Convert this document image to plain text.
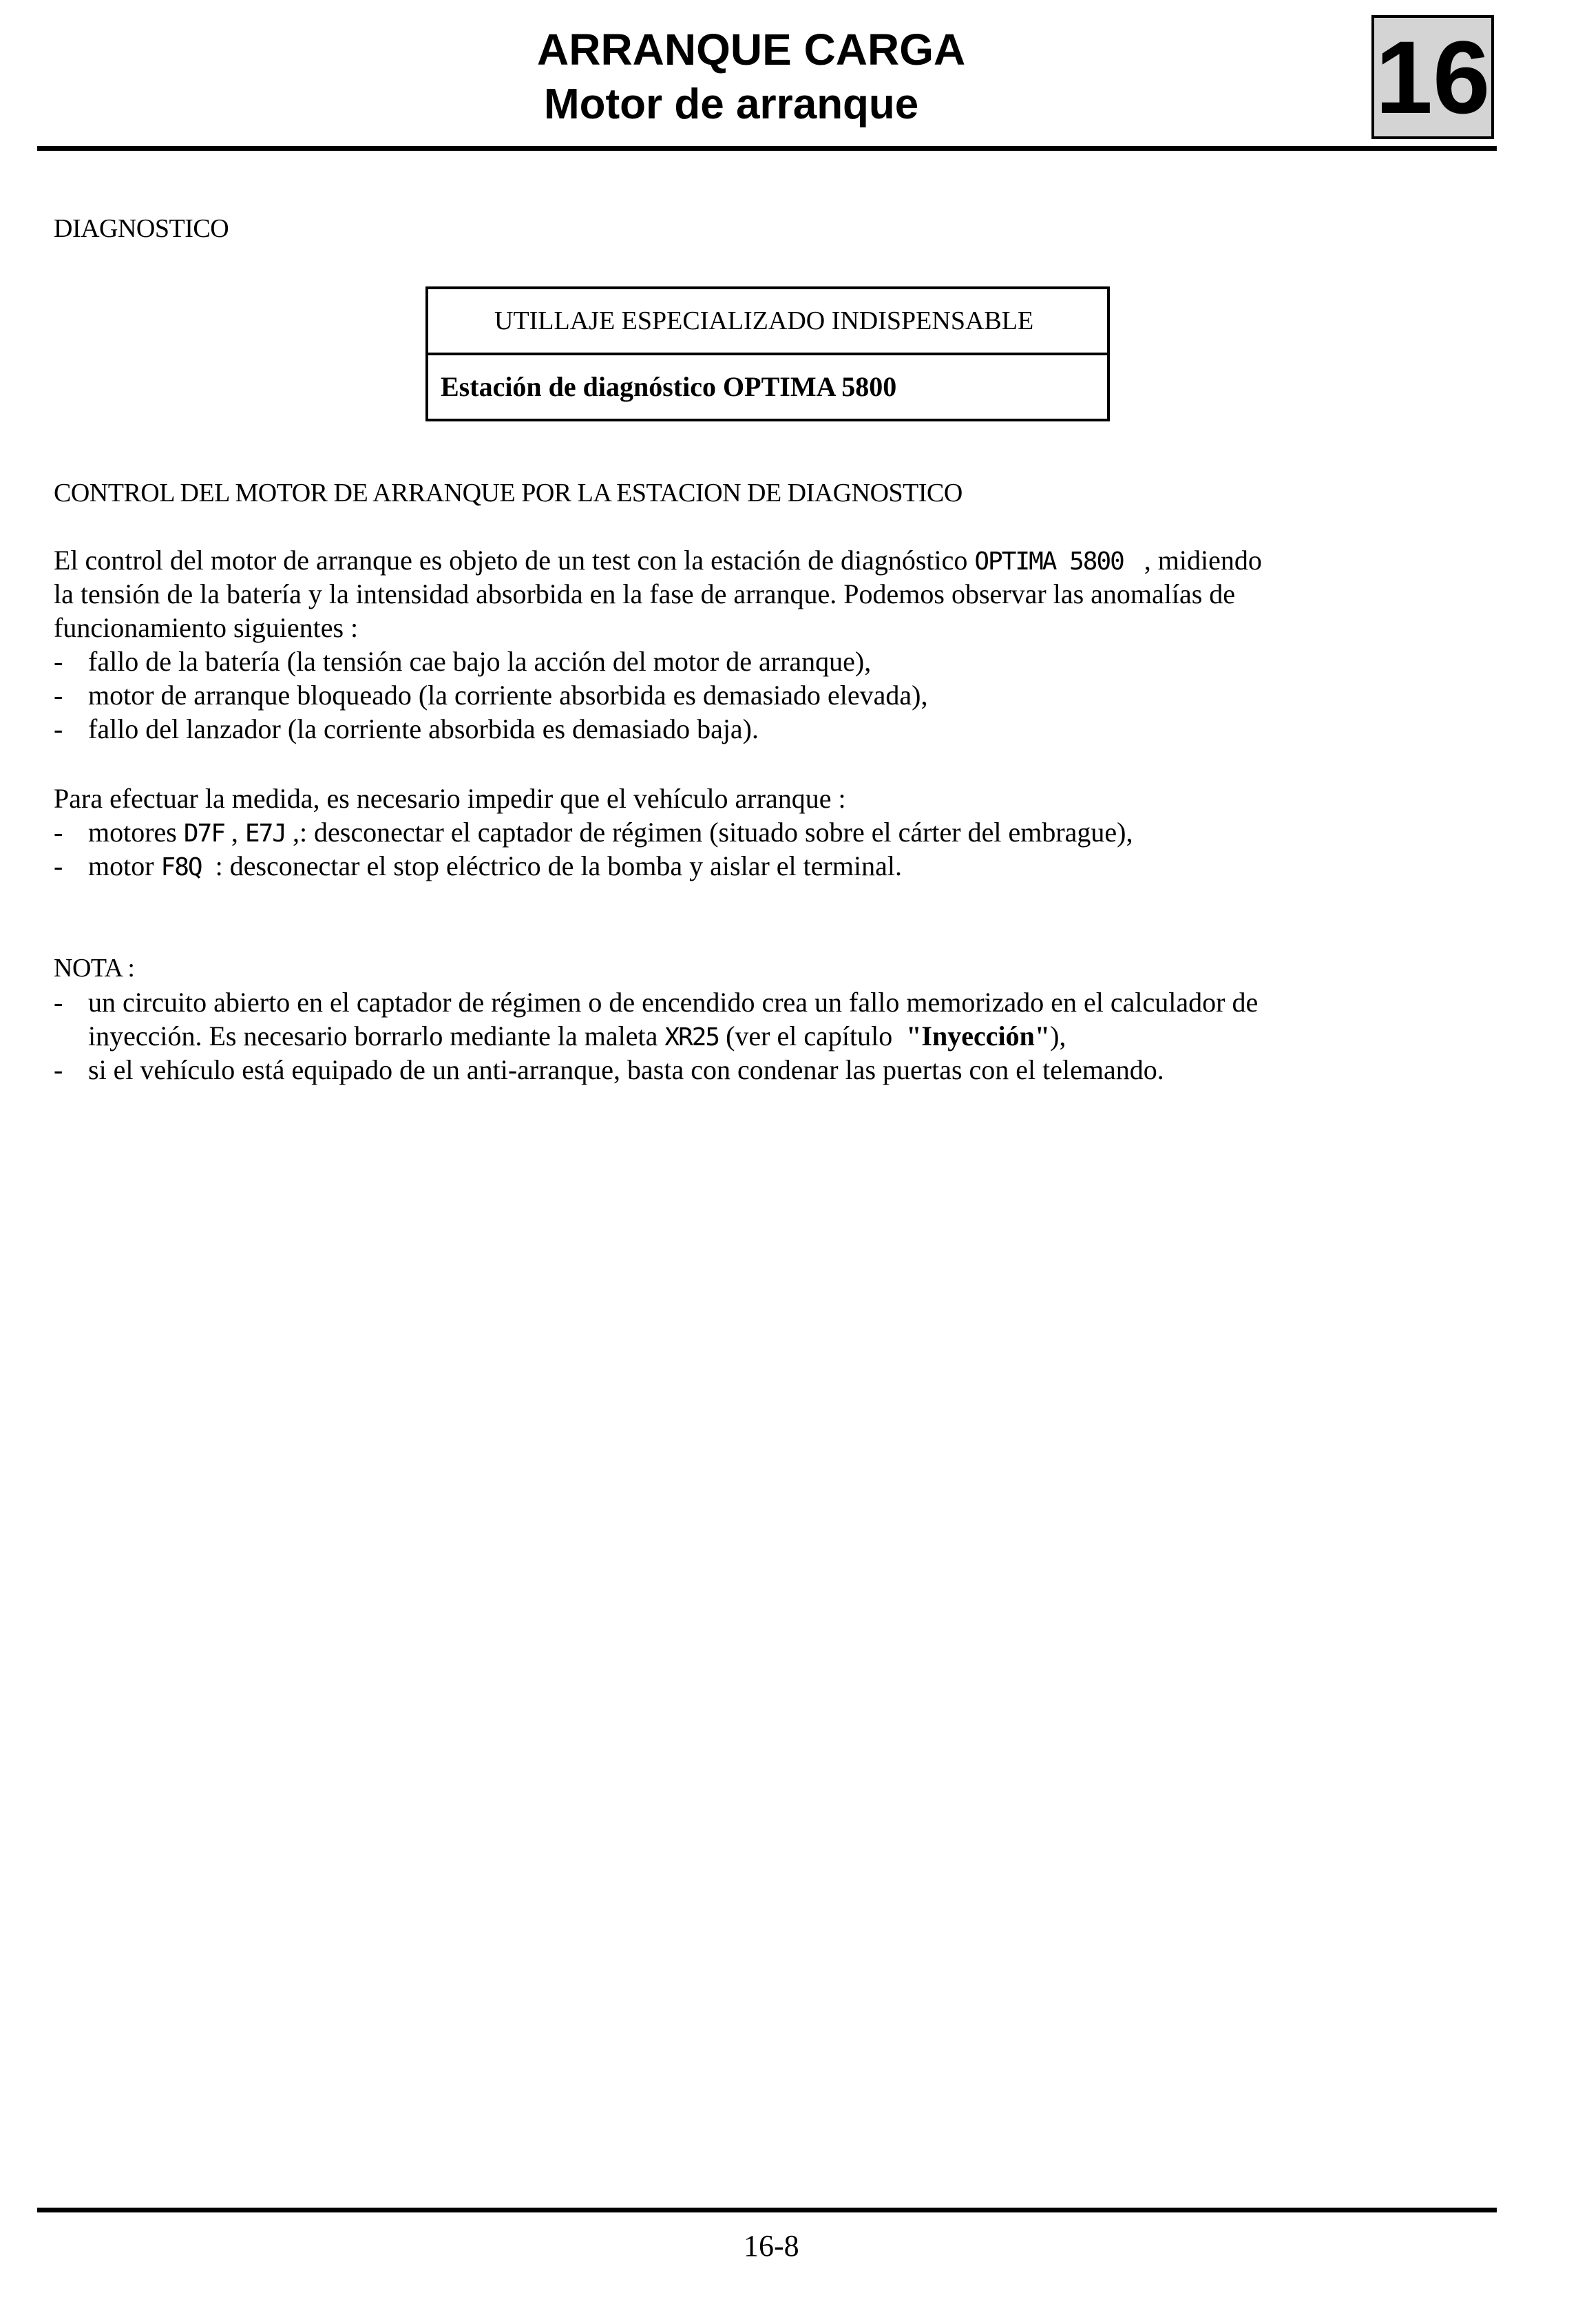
ARRANQUE CARGA
Motor de arranque	16
DIAGNOSTICO
UTILLAJE ESPECIALIZADO INDISPENSABLE
Estación de diagnóstico OPTIMA 5800
CONTROL DEL MOTOR DE ARRANQUE POR LA ESTACION DE DIAGNOSTICO
El control del motor de arranque es objeto de un test con la estación de diagnóstico OPTIMA 5800   , midiendo
la tensión de la batería y la intensidad absorbida en la fase de arranque. Podemos observar las anomalías de
funcionamiento siguientes :
- fallo de la batería (la tensión cae bajo la acción del motor de arranque),
- motor de arranque bloqueado (la corriente absorbida es demasiado elevada),
- fallo del lanzador (la corriente absorbida es demasiado baja).
Para efectuar la medida, es necesario impedir que el vehículo arranque :
- motores D7F , E7J ,: desconectar el captador de régimen (situado sobre el cárter del embrague),
- motor F8Q  : desconectar el stop eléctrico de la bomba y aislar el terminal.
NOTA :
- un circuito abierto en el captador de régimen o de encendido crea un fallo memorizado en el calculador de
inyección. Es necesario borrarlo mediante la maleta XR25 (ver el capítulo  "Inyección"),
- si el vehículo está equipado de un anti-arranque, basta con condenar las puertas con el telemando.
16-8
